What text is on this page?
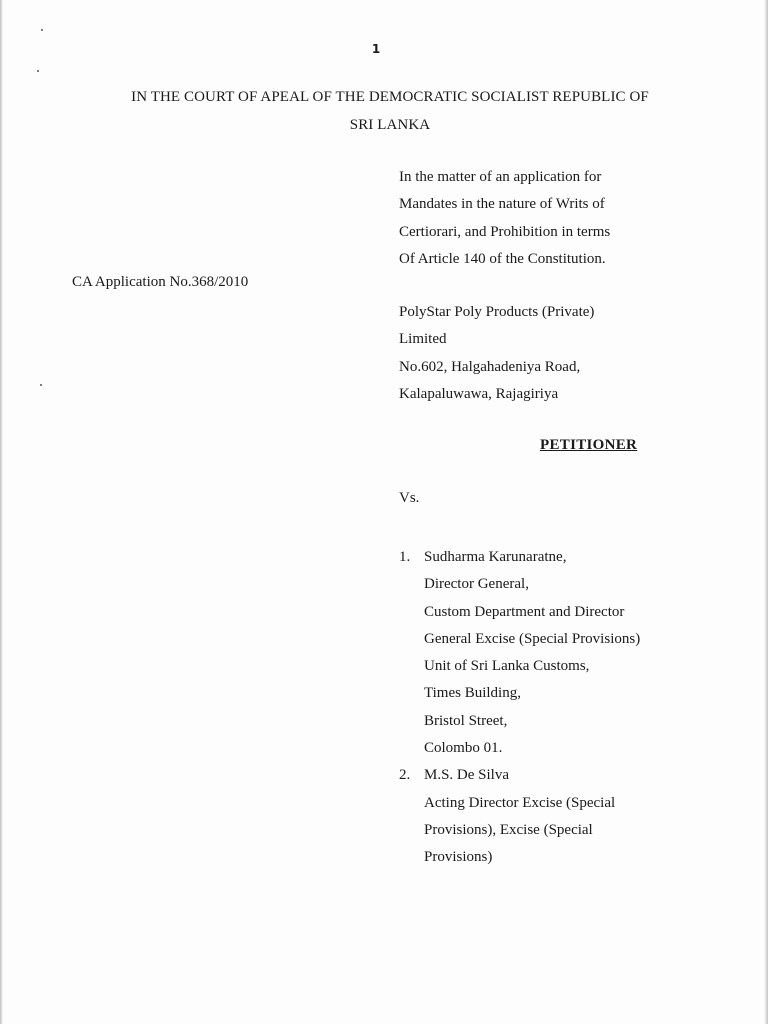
1
IN THE COURT OF APEAL OF THE DEMOCRATIC SOCIALIST REPUBLIC OF
SRI LANKA
In the matter of an application for
Mandates in the nature of Writs of
Certiorari, and Prohibition in terms
Of Article 140 of the Constitution.
CA Application No.368/2010
PolyStar Poly Products (Private)
Limited
No.602, Halgahadeniya Road,
Kalapaluwawa, Rajagiriya
PETITIONER
Vs.
1. Sudharma Karunaratne,
Director General,
Custom Department and Director
General Excise (Special Provisions)
Unit of Sri Lanka Customs,
Times Building,
Bristol Street,
Colombo 01.
2. M.S. De Silva
Acting Director Excise (Special
Provisions), Excise (Special
Provisions)
